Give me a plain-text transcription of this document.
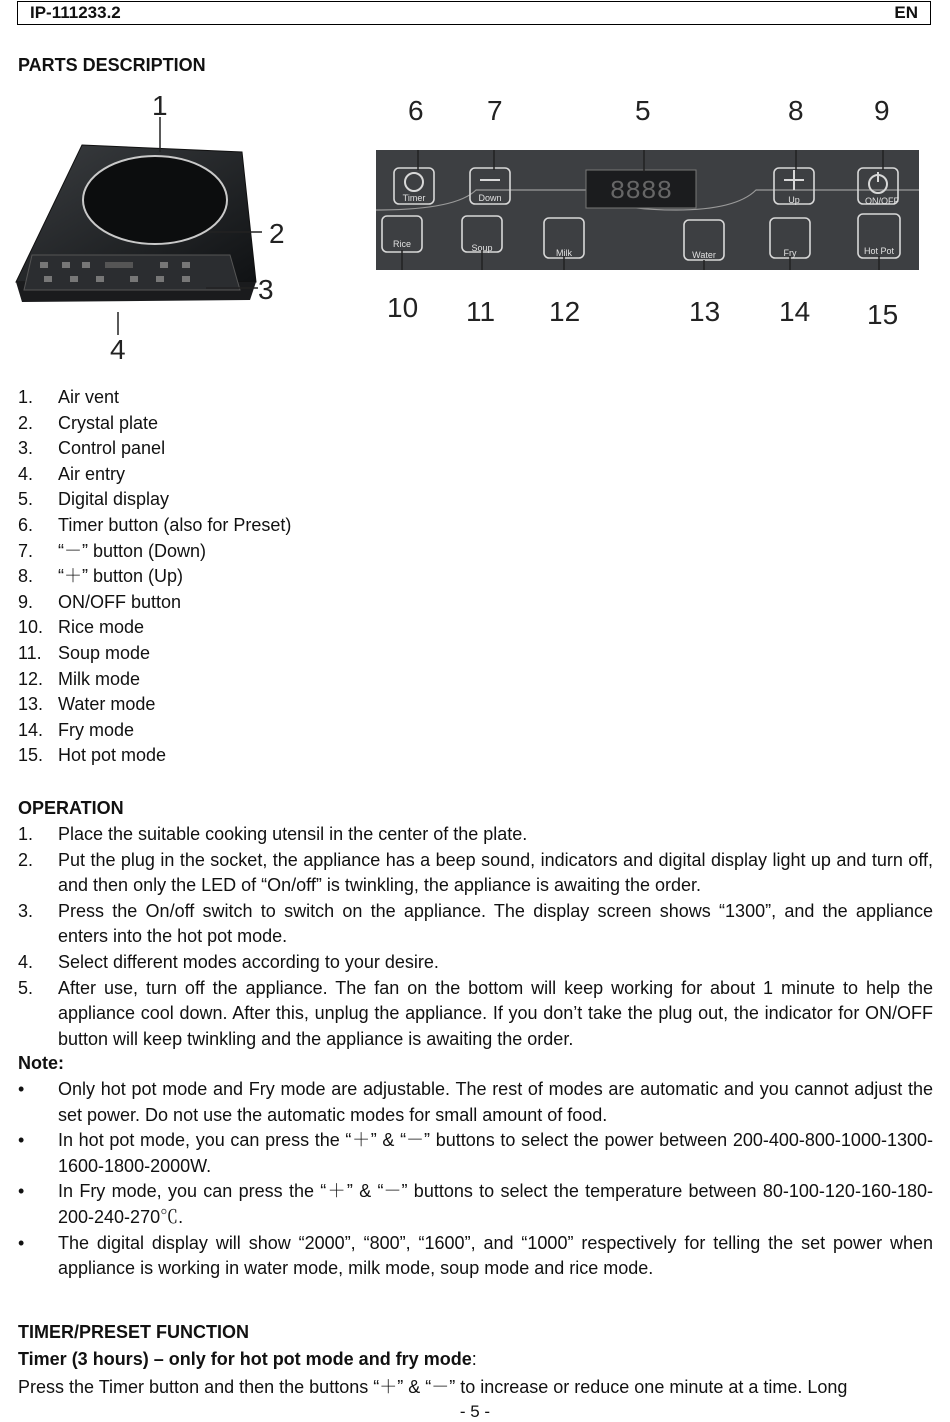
IP-111233.2	EN
PARTS DESCRIPTION
1
2
3
4
Timer	Down	Up	ON/OFF
Rice	Soup	Milk	Water	Fry	Hot Pot
8888
6 7	5	8	9
10 11 12	13 14 15
1. Air vent
2. Crystal plate
3. Control panel
4. Air entry
5. Digital display
6. Timer button (also for Preset)
7. “－” button (Down)
8. “＋” button (Up)
9. ON/OFF button
10. Rice mode
11. Soup mode
12. Milk mode
13. Water mode
14. Fry mode
15. Hot pot mode
OPERATION
1. Place the suitable cooking utensil in the center of the plate.
2. Put the plug in the socket, the appliance has a beep sound, indicators and digital display light up and turn off, and then only the LED of “On/off” is twinkling, the appliance is awaiting the order.
3. Press the On/off switch to switch on the appliance. The display screen shows “1300”, and the appliance enters into the hot pot mode.
4. Select different modes according to your desire.
5. After use, turn off the appliance. The fan on the bottom will keep working for about 1 minute to help the appliance cool down. After this, unplug the appliance. If you don’t take the plug out, the indicator for ON/OFF button will keep twinkling and the appliance is awaiting the order.
Note:
• Only hot pot mode and Fry mode are adjustable. The rest of modes are automatic and you cannot adjust the set power. Do not use the automatic modes for small amount of food.
• In hot pot mode, you can press the “＋” & “－” buttons to select the power between 200-400-800-1000-1300-1600-1800-2000W.
• In Fry mode, you can press the “＋” & “－” buttons to select the temperature between 80-100-120-160-180-200-240-270℃.
• The digital display will show “2000”, “800”, “1600”, and “1000” respectively for telling the set power when appliance is working in water mode, milk mode, soup mode and rice mode.
TIMER/PRESET FUNCTION
Timer (3 hours) – only for hot pot mode and fry mode:
Press the Timer button and then the buttons “＋” & “－” to increase or reduce one minute at a time. Long
- 5 -
